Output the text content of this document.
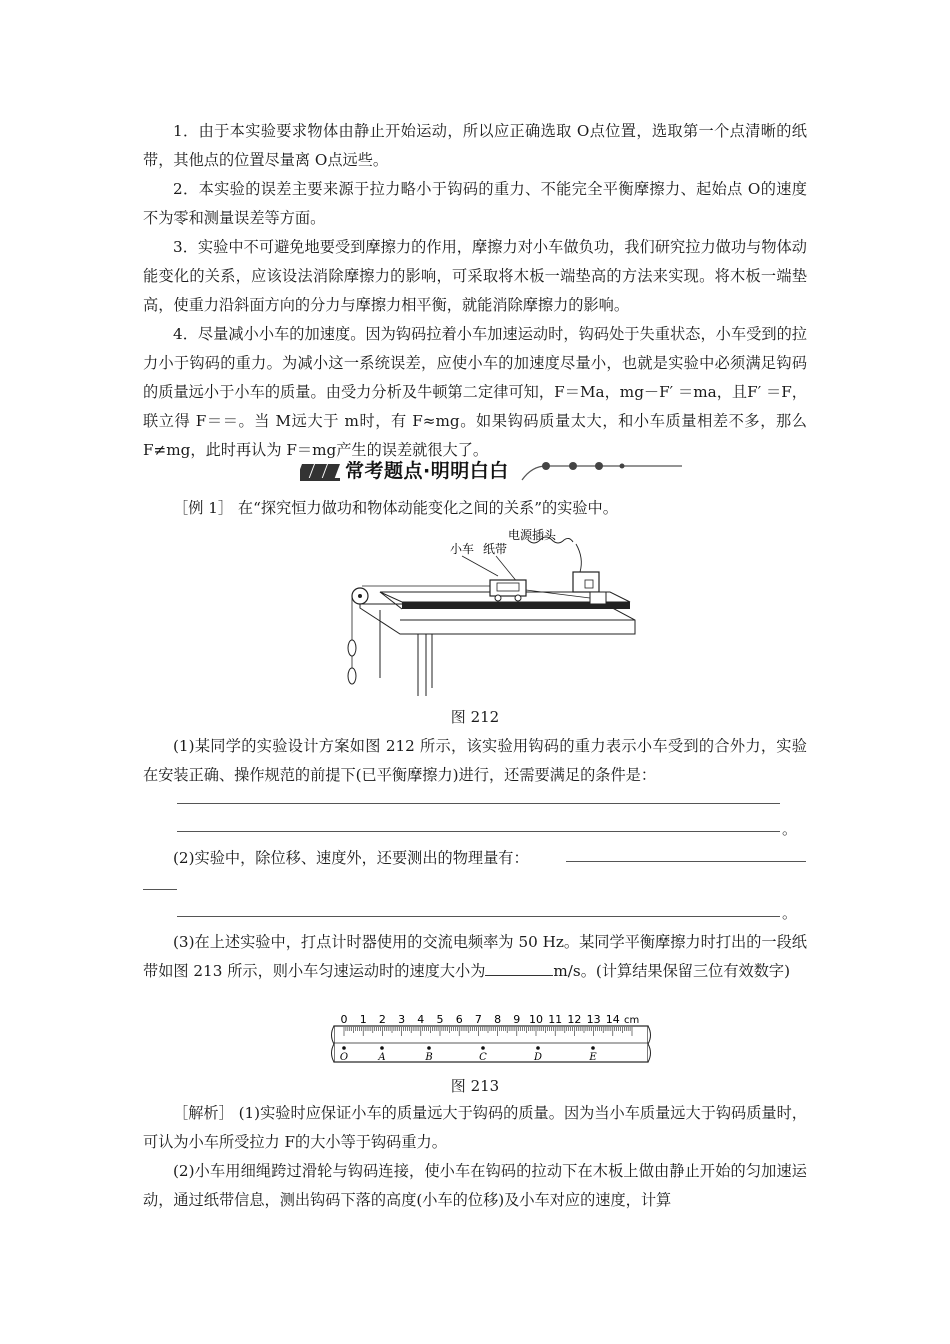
1．由于本实验要求物体由静止开始运动，所以应正确选取 O点位置，选取第一个点清晰的纸带，其他点的位置尽量离 O点远些。

2．本实验的误差主要来源于拉力略小于钩码的重力、不能完全平衡摩擦力、起始点 O的速度不为零和测量误差等方面。

3．实验中不可避免地要受到摩擦力的作用，摩擦力对小车做负功，我们研究拉力做功与物体动能变化的关系，应该设法消除摩擦力的影响，可采取将木板一端垫高的方法来实现。将木板一端垫高，使重力沿斜面方向的分力与摩擦力相平衡，就能消除摩擦力的影响。

4．尽量减小小车的加速度。因为钩码拉着小车加速运动时，钩码处于失重状态，小车受到的拉力小于钩码的重力。为减小这一系统误差，应使小车的加速度尽量小，也就是实验中必须满足钩码的质量远小于小车的质量。由受力分析及牛顿第二定律可知，F＝Ma，mg－F′ ＝ma，且F′ ＝F，联立得 F＝＝。当 M远大于 m时，有 F≈mg。如果钩码质量太大，和小车质量相差不多，那么 F≠mg，此时再认为 F＝mg产生的误差就很大了。

常考题点·明明白白

［例 1］ 在“探究恒力做功和物体动能变化之间的关系”的实验中。

小车 纸带
电源插头
图 212

(1)某同学的实验设计方案如图 212 所示，该实验用钩码的重力表示小车受到的合外力，实验在安装正确、操作规范的前提下(已平衡摩擦力)进行，还需要满足的条件是：

。

(2)实验中，除位移、速度外，还要测出的物理量有：

。

(3)在上述实验中，打点计时器使用的交流电频率为 50 Hz。某同学平衡摩擦力时打出的一段纸带如图 213 所示，则小车匀速运动时的速度大小为	m/s。(计算结果保留三位有效数字)

0 1 2 3 4 5 6 7 8 9 10 11 12 13 14 cm
O	A	B	C	D	E
图 213

［解析］ (1)实验时应保证小车的质量远大于钩码的质量。因为当小车质量远大于钩码质量时，可认为小车所受拉力 F的大小等于钩码重力。

(2)小车用细绳跨过滑轮与钩码连接，使小车在钩码的拉动下在木板上做由静止开始的匀加速运动，通过纸带信息，测出钩码下落的高度(小车的位移)及小车对应的速度，计算
